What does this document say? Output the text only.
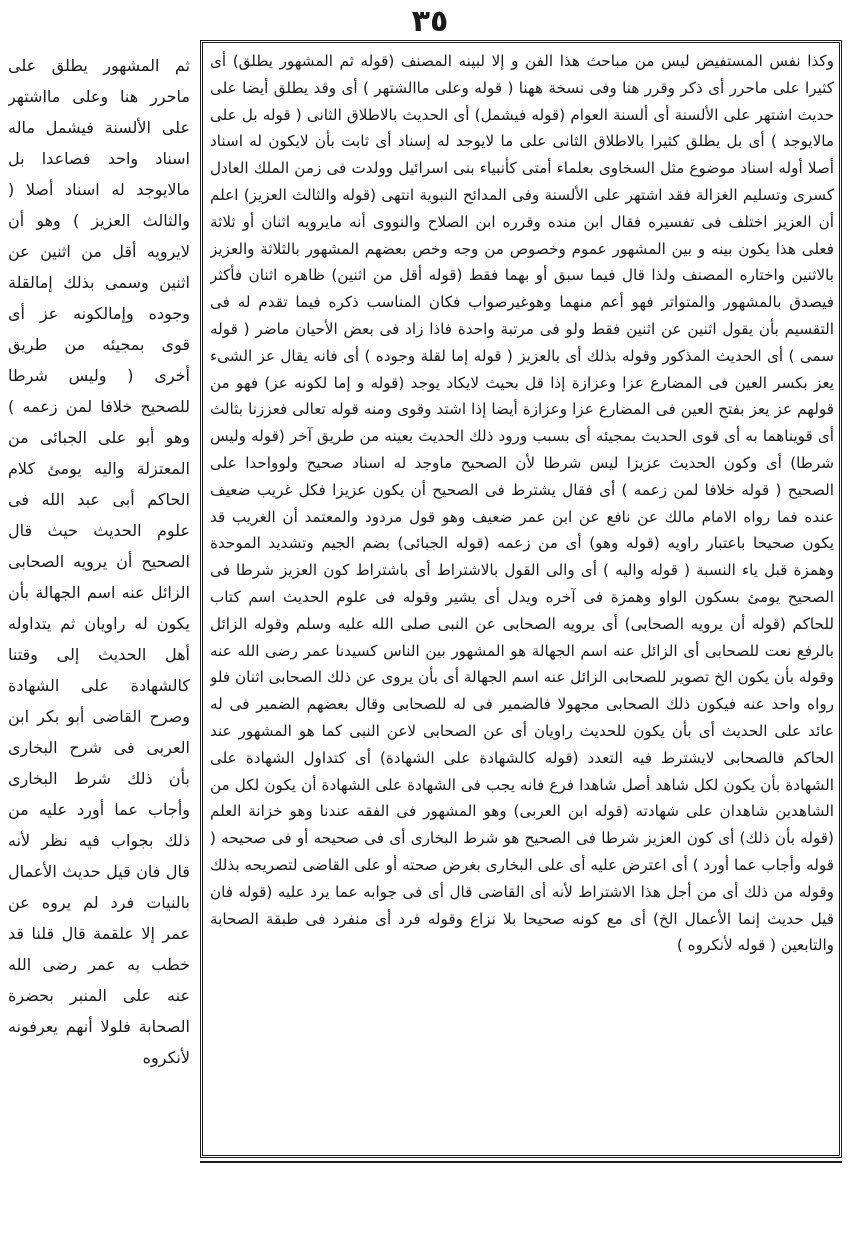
٣٥

وكذا نفس المستفيض ليس من مباحث هذا الفن و إلا لبينه المصنف (قوله ثم المشهور يطلق) أى كثيرا على ماحرر أى ذكر وقرر هنا وفى نسخة ههنا ( قوله وعلى ماالشتهر ) أى وقد يطلق أيضا على حديث اشتهر على الألسنة أى ألسنة العوام (قوله فيشمل) أى الحديث بالاطلاق الثانى ( قوله بل على مالايوجد ) أى بل يطلق كثيرا بالاطلاق الثانى على ما لايوجد له إسناد أى ثابت بأن لايكون له اسناد أصلا أوله اسناد موضوع مثل السخاوى بعلماء أمتى كأنبياء بنى اسرائيل وولدت فى زمن الملك العادل كسرى وتسليم الغزالة فقد اشتهر على الألسنة وفى المدائح النبوية انتهى (قوله والثالث العزيز) اعلم أن العزيز اختلف فى تفسيره فقال ابن منده وقرره ابن الصلاح والنووى أنه مايرويه اثنان أو ثلاثة فعلى هذا يكون بينه و بين المشهور عموم وخصوص من وجه وخص بعضهم المشهور بالثلاثة والعزيز بالاثنين واختاره المصنف ولذا قال فيما سبق أو بهما فقط (قوله أقل من اثنين) ظاهره اثنان فأكثر فيصدق بالمشهور والمتواتر فهو أعم منهما وهوغيرصواب فكان المناسب ذكره فيما تقدم له فى التقسيم بأن يقول اثنين عن اثنين فقط ولو فى مرتبة واحدة فاذا زاد فى بعض الأحيان ماضر ( قوله سمى ) أى الحديث المذكور وقوله بذلك أى بالعزيز ( قوله إما لقلة وجوده ) أى فانه يقال عز الشىء يعز بكسر العين فى المضارع عزا وعزازة إذا قل بحيث لايكاد يوجد (قوله و إما لكونه عز) فهو من قولهم عز يعز بفتح العين فى المضارع عزا وعزازة أيضا إذا اشتد وقوى ومنه قوله تعالى فعززنا بثالث أى قويناهما به أى قوى الحديث بمجيئه أى بسبب ورود ذلك الحديث بعينه من طريق آخر (قوله وليس شرطا) أى وكون الحديث عزيزا ليس شرطا لأن الصحيح ماوجد له اسناد صحيح ولوواحدا على الصحيح ( قوله خلافا لمن زعمه ) أى فقال يشترط فى الصحيح أن يكون عزيزا فكل غريب ضعيف عنده فما رواه الامام مالك عن نافع عن ابن عمر ضعيف وهو قول مردود والمعتمد أن الغريب قد يكون صحيحا باعتبار راويه (قوله وهو) أى من زعمه (قوله الجبائى) بضم الجيم وتشديد الموحدة وهمزة قبل ياء النسبة ( قوله واليه ) أى والى القول بالاشتراط أى باشتراط كون العزيز شرطا فى الصحيح يومئ بسكون الواو وهمزة فى آخره ويدل أى يشير وقوله فى علوم الحديث اسم كتاب للحاكم (قوله أن يرويه الصحابى) أى يرويه الصحابى عن النبى صلى الله عليه وسلم وقوله الزائل بالرفع نعت للصحابى أى الزائل عنه اسم الجهالة هو المشهور بين الناس كسيدنا عمر رضى الله عنه وقوله بأن يكون الخ تصوير للصحابى الزائل عنه اسم الجهالة أى بأن يروى عن ذلك الصحابى اثنان فلو رواه واحد عنه فيكون ذلك الصحابى مجهولا فالضمير فى له للصحابى وقال بعضهم الضمير فى له عائد على الحديث أى بأن يكون للحديث راويان أى عن الصحابى لاعن النبى كما هو المشهور عند الحاكم فالصحابى لايشترط فيه التعدد (قوله كالشهادة على الشهادة) أى كتداول الشهادة على الشهادة بأن يكون لكل شاهد أصل شاهدا فرع فانه يجب فى الشهادة على الشهادة أن يكون لكل من الشاهدين شاهدان على شهادته (قوله ابن العربى) وهو المشهور فى الفقه عندنا وهو خزانة العلم (قوله بأن ذلك) أى كون العزيز شرطا فى الصحيح هو شرط البخارى أى فى صحيحه أو فى صحيحه ( قوله وأجاب عما أورد ) أى اعترض عليه أى على البخارى بغرض صحته أو على القاضى لتصريحه بذلك وقوله من ذلك أى من أجل هذا الاشتراط لأنه أى القاضى قال أى فى جوابه عما يرد عليه (قوله فان قيل حديث إنما الأعمال الخ) أى مع كونه صحيحا بلا نزاع وقوله فرد أى منفرد فى طبقة الصحابة والتابعين ( قوله لأنكروه )

ثم المشهور يطلق على ماحرر هنا وعلى مااشتهر على الألسنة فيشمل ماله اسناد واحد فصاعدا بل مالايوجد له اسناد أصلا ( والثالث العزيز ) وهو أن لايرويه أقل من اثنين عن اثنين وسمى بذلك إمالقلة وجوده وإمالكونه عز أى قوى بمجيئه من طريق أخرى ( وليس شرطا للصحيح خلافا لمن زعمه ) وهو أبو على الجبائى من المعتزلة واليه يومئ كلام الحاكم أبى عبد الله فى علوم الحديث حيث قال الصحيح أن يرويه الصحابى الزائل عنه اسم الجهالة بأن يكون له راويان ثم يتداوله أهل الحديث إلى وقتنا كالشهادة على الشهادة وصرح القاضى أبو بكر ابن العربى فى شرح البخارى بأن ذلك شرط البخارى وأجاب عما أورد عليه من ذلك بجواب فيه نظر لأنه قال فان قيل حديث الأعمال بالنيات فرد لم يروه عن عمر إلا علقمة قال قلنا قد خطب به عمر رضى الله عنه على المنبر بحضرة الصحابة فلولا أنهم يعرفونه لأنكروه
